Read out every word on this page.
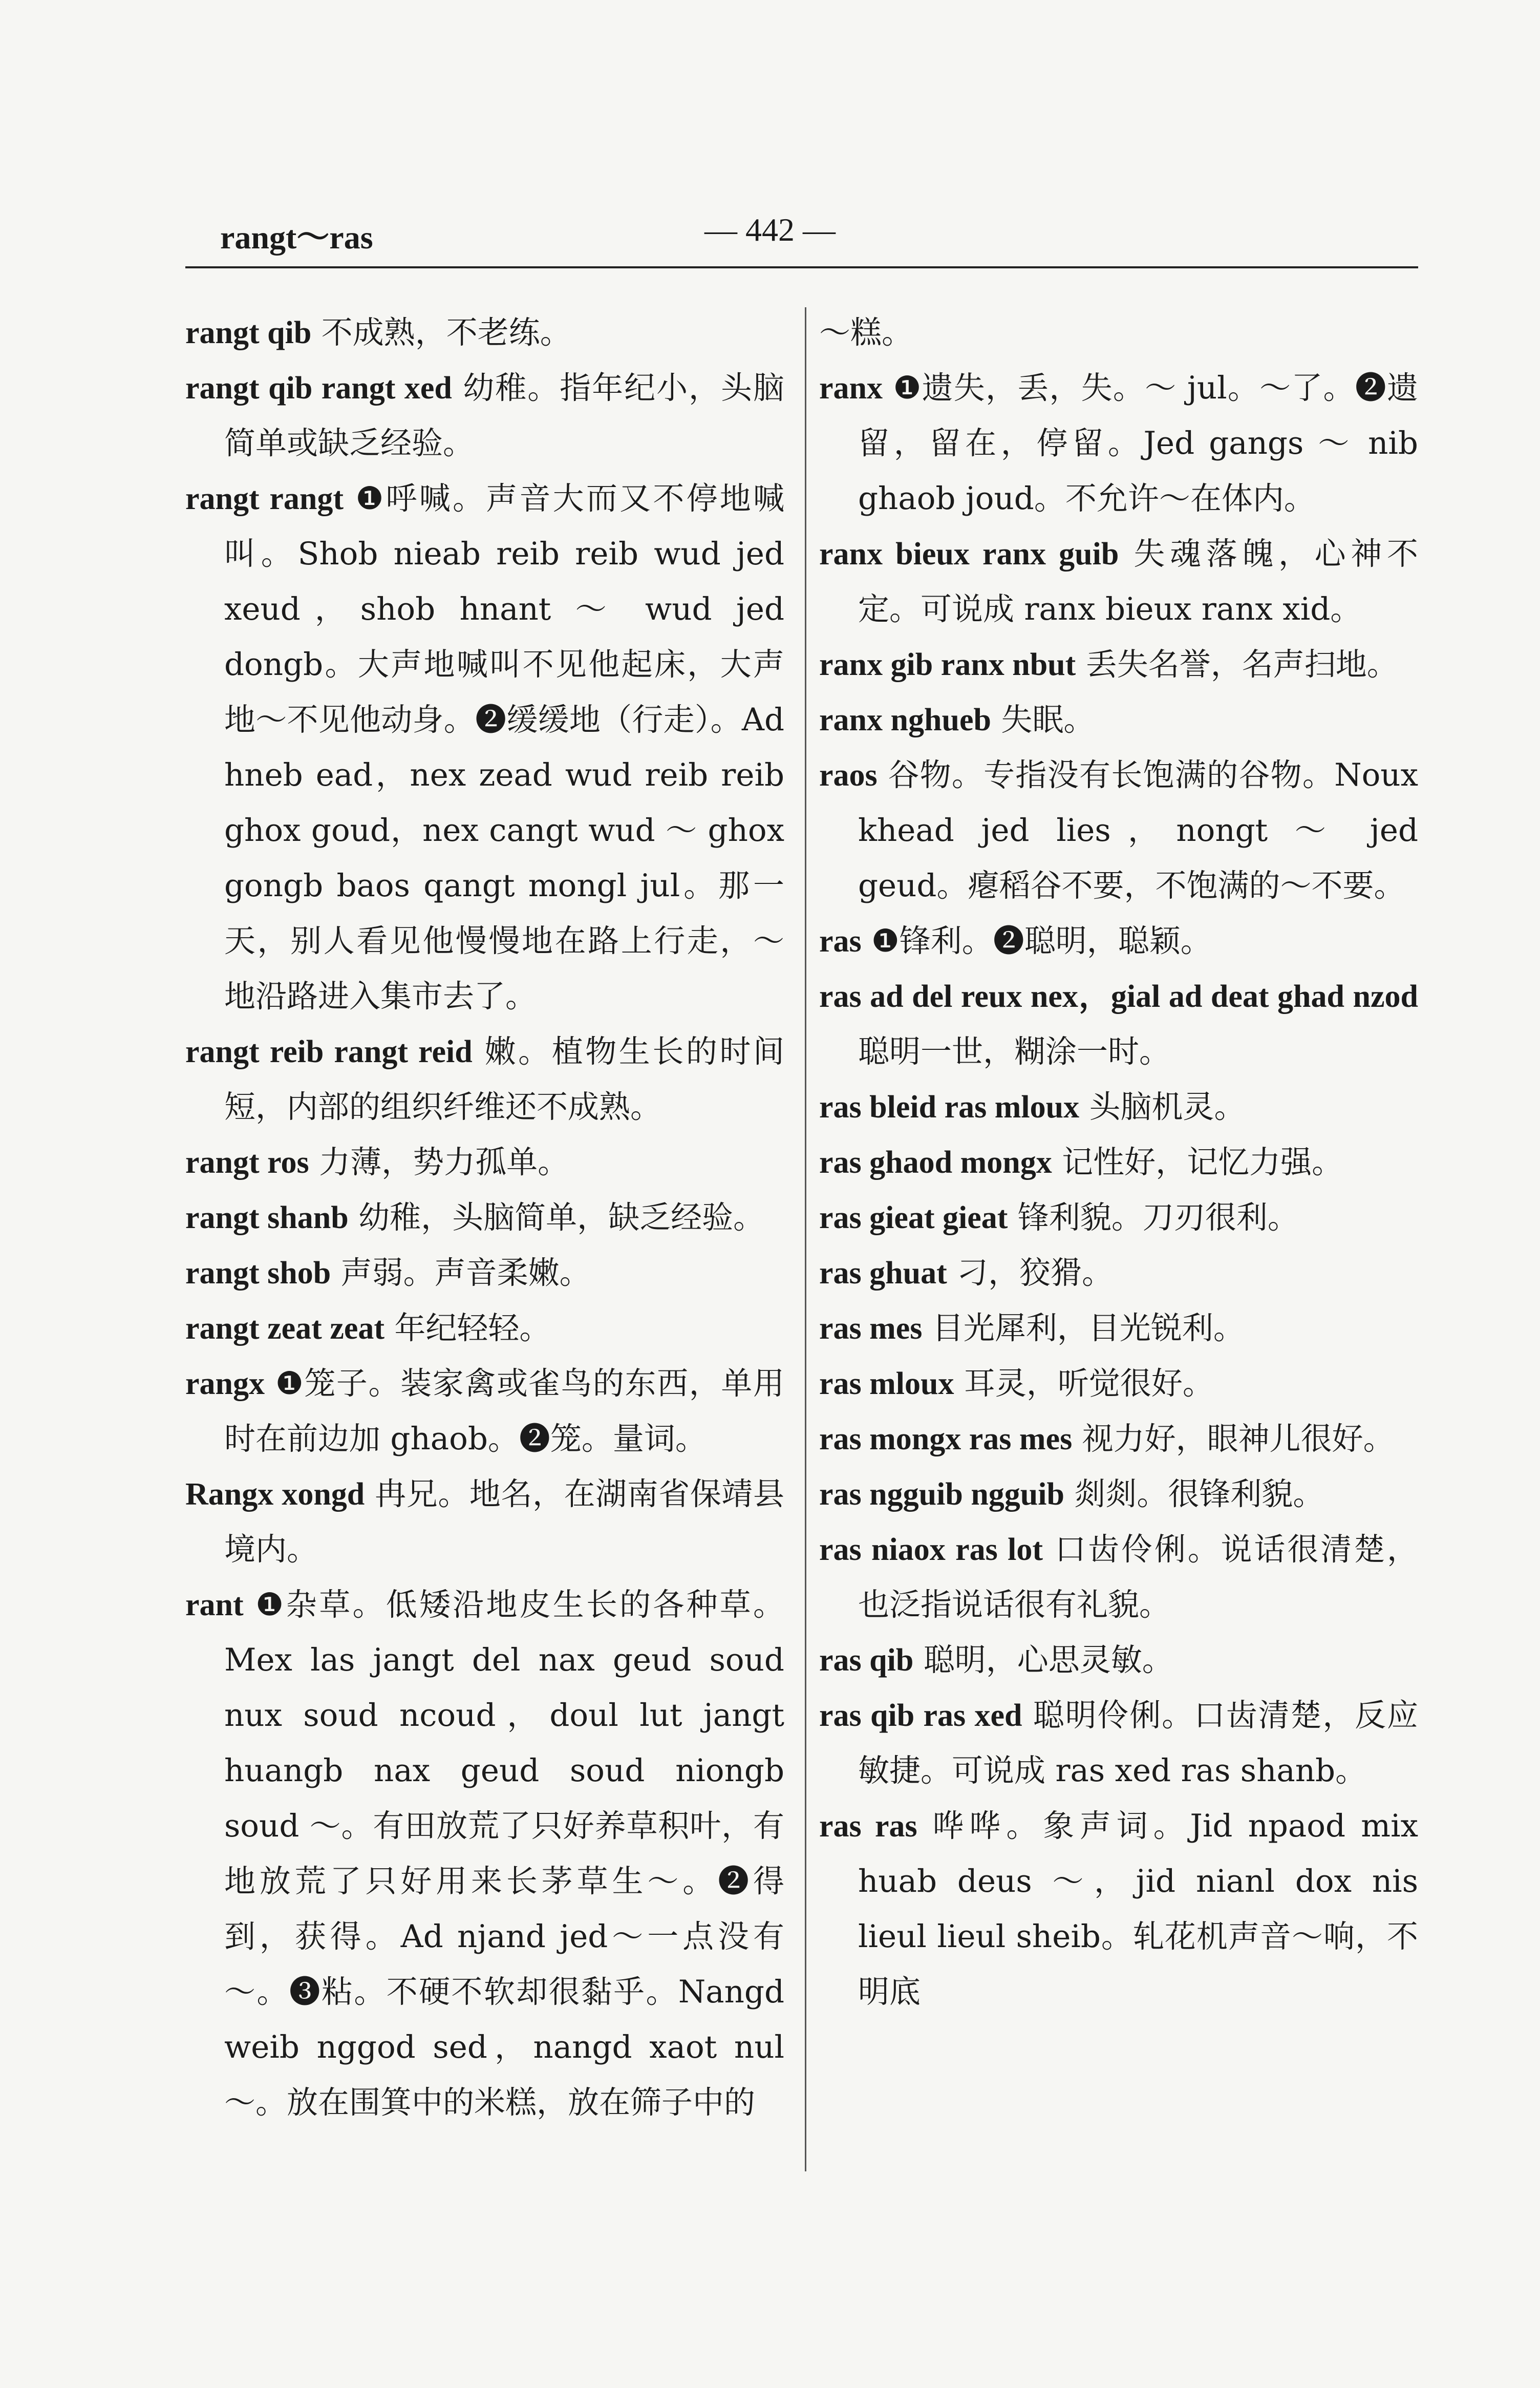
rangt～ras	— 442 —

rangt qib 不成熟，不老练。

rangt qib rangt xed 幼稚。指年纪小，头脑简单或缺乏经验。

rangt rangt ❶呼喊。声音大而又不停地喊叫。Shob nieab reib reib wud jed xeud，shob hnant ～ wud jed dongb。大声地喊叫不见他起床，大声地～不见他动身。❷缓缓地（行走）。Ad hneb ead，nex zead wud reib reib ghox goud，nex cangt wud ～ ghox gongb baos qangt mongl jul。那一天，别人看见他慢慢地在路上行走，～地沿路进入集市去了。

rangt reib rangt reid 嫩。植物生长的时间短，内部的组织纤维还不成熟。

rangt ros 力薄，势力孤单。

rangt shanb 幼稚，头脑简单，缺乏经验。

rangt shob 声弱。声音柔嫩。

rangt zeat zeat 年纪轻轻。

rangx ❶笼子。装家禽或雀鸟的东西，单用时在前边加 ghaob。❷笼。量词。

Rangx xongd 冉兄。地名，在湖南省保靖县境内。

rant ❶杂草。低矮沿地皮生长的各种草。Mex las jangt del nax geud soud nux soud ncoud，doul lut jangt huangb nax geud soud niongb soud ～。有田放荒了只好养草积叶，有地放荒了只好用来长茅草生～。❷得到，获得。Ad njand jed～一点没有～。❸粘。不硬不软却很黏乎。Nangd weib nggod sed，nangd xaot nul ～。放在围箕中的米糕，放在筛子中的

～糕。

ranx ❶遗失，丢，失。～ jul。～了。❷遗留，留在，停留。Jed gangs ～ nib ghaob joud。不允许～在体内。

ranx bieux ranx guib 失魂落魄，心神不定。可说成 ranx bieux ranx xid。

ranx gib ranx nbut 丢失名誉，名声扫地。

ranx nghueb 失眠。

raos 谷物。专指没有长饱满的谷物。Noux khead jed lies，nongt ～ jed geud。瘪稻谷不要，不饱满的～不要。

ras ❶锋利。❷聪明，聪颖。

ras ad del reux nex，gial ad deat ghad nzod 聪明一世，糊涂一时。

ras bleid ras mloux 头脑机灵。

ras ghaod mongx 记性好，记忆力强。

ras gieat gieat 锋利貌。刀刃很利。

ras ghuat 刁，狡猾。

ras mes 目光犀利，目光锐利。

ras mloux 耳灵，听觉很好。

ras mongx ras mes 视力好，眼神儿很好。

ras ngguib ngguib 剡剡。很锋利貌。

ras niaox ras lot 口齿伶俐。说话很清楚，也泛指说话很有礼貌。

ras qib 聪明，心思灵敏。

ras qib ras xed 聪明伶俐。口齿清楚，反应敏捷。可说成 ras xed ras shanb。

ras ras 哗哗。象声词。Jid npaod mix huab deus ～，jid nianl dox nis lieul lieul sheib。轧花机声音～响，不明底
